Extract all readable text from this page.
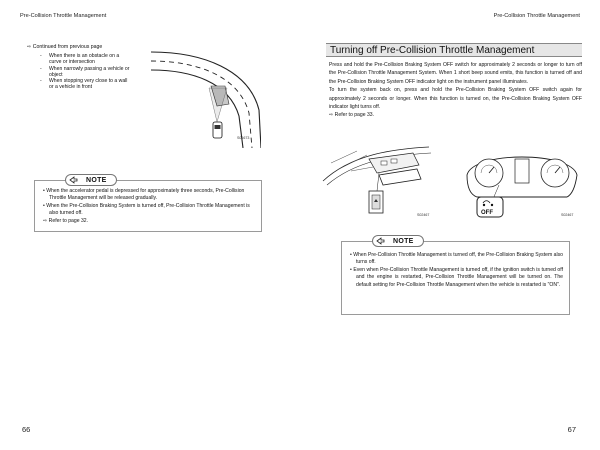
Pre-Collision Throttle Management	Pre-Collision Throttle Management
⇨ Continued from previous page
- When there is an obstacle on a curve or intersection
- When narrowly passing a vehicle or object
- When stopping very close to a wall or a vehicle in front
S01673
NOTE
• When the accelerator pedal is depressed for approximately three seconds, Pre-Collision Throttle Management will be released gradually.
• When the Pre-Collision Braking System is turned off, Pre-Collision Throttle Management is also turned off.
⇨ Refer to page 32.
66
Turning off Pre-Collision Throttle Management

Press and hold the Pre-Collision Braking System OFF switch for approximately 2 seconds or longer to turn off the Pre-Collision Throttle Management System. When 1 short beep sound emits, this function is turned off and the Pre-Collision Braking System OFF indicator light on the instrument panel illuminates.

To turn the system back on, press and hold the Pre-Collision Braking System OFF switch again for approximately 2 seconds or longer. When this function is turned on, the Pre-Collision Braking System OFF indicator light turns off.

⇨ Refer to page 33.

S02467	OFF	S02467
NOTE
• When Pre-Collision Throttle Management is turned off, the Pre-Collision Braking System also turns off.
• Even when Pre-Collision Throttle Management is turned off, if the ignition switch is turned off and the engine is restarted, Pre-Collision Throttle Management will be turned on. The default setting for Pre-Collision Throttle Management when the vehicle is restarted is "ON".
67
